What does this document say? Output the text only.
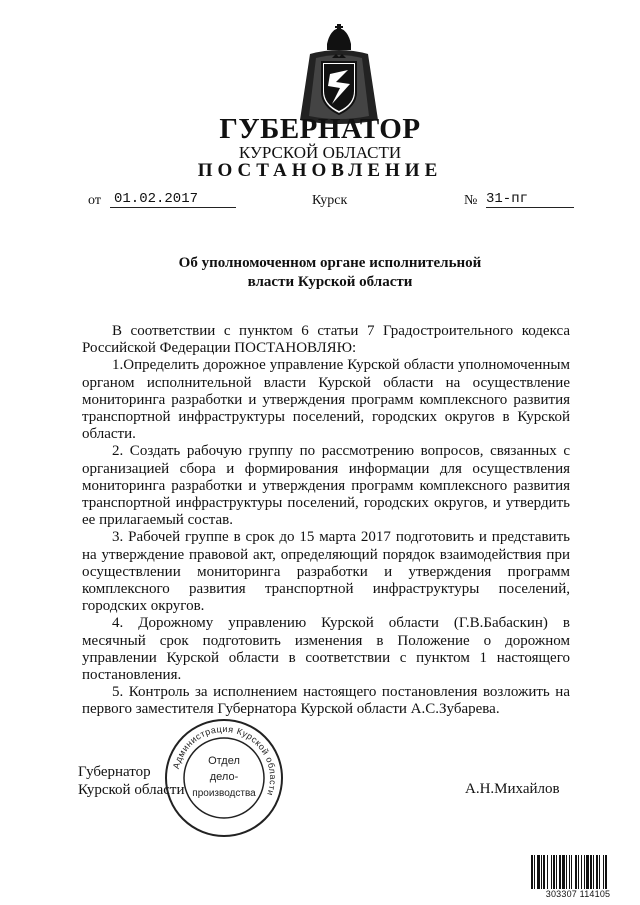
ГУБЕРНАТОР
КУРСКОЙ ОБЛАСТИ
ПОСТАНОВЛЕНИЕ
от 01.02.2017	Курск	№ 31-пг
Об уполномоченном органе исполнительной
власти Курской области

В соответствии с пунктом 6 статьи 7 Градостроительного кодекса Российской Федерации ПОСТАНОВЛЯЮ:

1.Определить дорожное управление Курской области уполномоченным органом исполнительной власти Курской области на осуществление мониторинга разработки и утверждения программ комплексного развития транспортной инфраструктуры поселений, городских округов в Курской области.

2. Создать рабочую группу по рассмотрению вопросов, связанных с организацией сбора и формирования информации для осуществления мониторинга разработки и утверждения программ комплексного развития транспортной инфраструктуры поселений, городских округов, и утвердить ее прилагаемый состав.

3. Рабочей группе в срок до 15 марта 2017 подготовить и представить на утверждение правовой акт, определяющий порядок взаимодействия при осуществлении мониторинга разработки и утверждения программ комплексного развития транспортной инфраструктуры поселений, городских округов.

4. Дорожному управлению Курской области (Г.В.Бабаскин) в месячный срок подготовить изменения в Положение о дорожном управлении Курской области в соответствии с пунктом 1 настоящего постановления.

5. Контроль за исполнением настоящего постановления возложить на первого заместителя Губернатора Курской области А.С.Зубарева.

Губернатор
Курской области	А.Н.Михайлов
Администрация Курской области
Отдел
дело-
производства
303307 114105
